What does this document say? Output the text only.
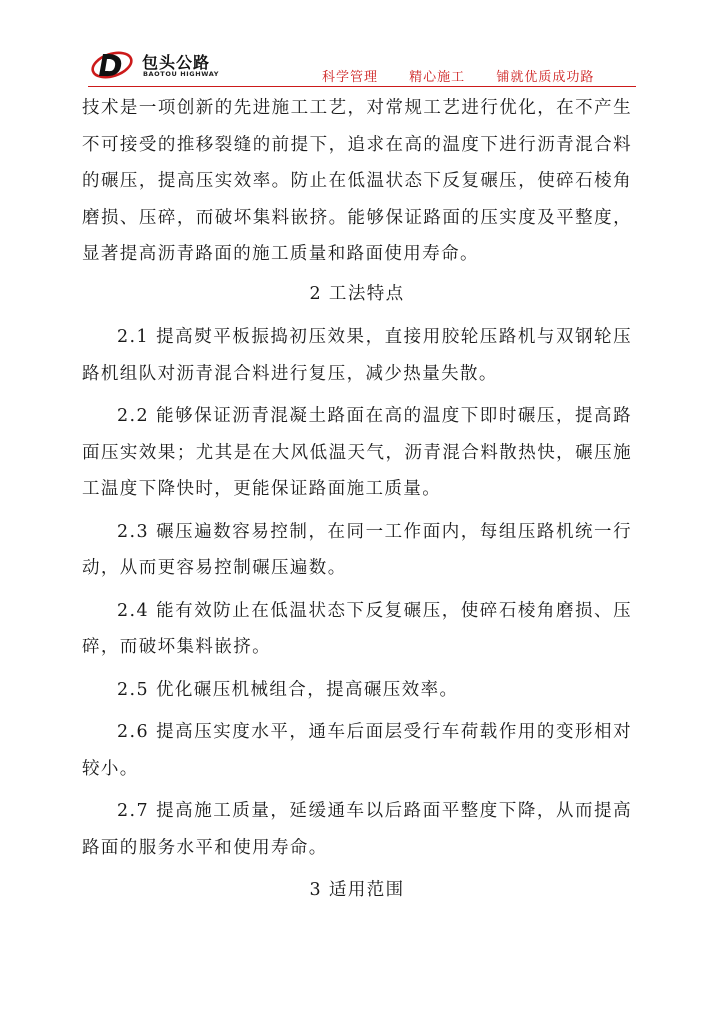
包头公路
BAOTOU HIGHWAY	科学管理 精心施工 铺就优质成功路

技术是一项创新的先进施工工艺，对常规工艺进行优化，在不产生不可接受的推移裂缝的前提下，追求在高的温度下进行沥青混合料的碾压，提高压实效率。防止在低温状态下反复碾压，使碎石棱角磨损、压碎，而破坏集料嵌挤。能够保证路面的压实度及平整度，显著提高沥青路面的施工质量和路面使用寿命。

2 工法特点

2.1 提高熨平板振捣初压效果，直接用胶轮压路机与双钢轮压路机组队对沥青混合料进行复压，减少热量失散。

2.2 能够保证沥青混凝土路面在高的温度下即时碾压，提高路面压实效果；尤其是在大风低温天气，沥青混合料散热快，碾压施工温度下降快时，更能保证路面施工质量。

2.3 碾压遍数容易控制，在同一工作面内，每组压路机统一行动，从而更容易控制碾压遍数。

2.4 能有效防止在低温状态下反复碾压，使碎石棱角磨损、压碎，而破坏集料嵌挤。

2.5 优化碾压机械组合，提高碾压效率。

2.6 提高压实度水平，通车后面层受行车荷载作用的变形相对较小。

2.7 提高施工质量，延缓通车以后路面平整度下降，从而提高路面的服务水平和使用寿命。

3 适用范围
